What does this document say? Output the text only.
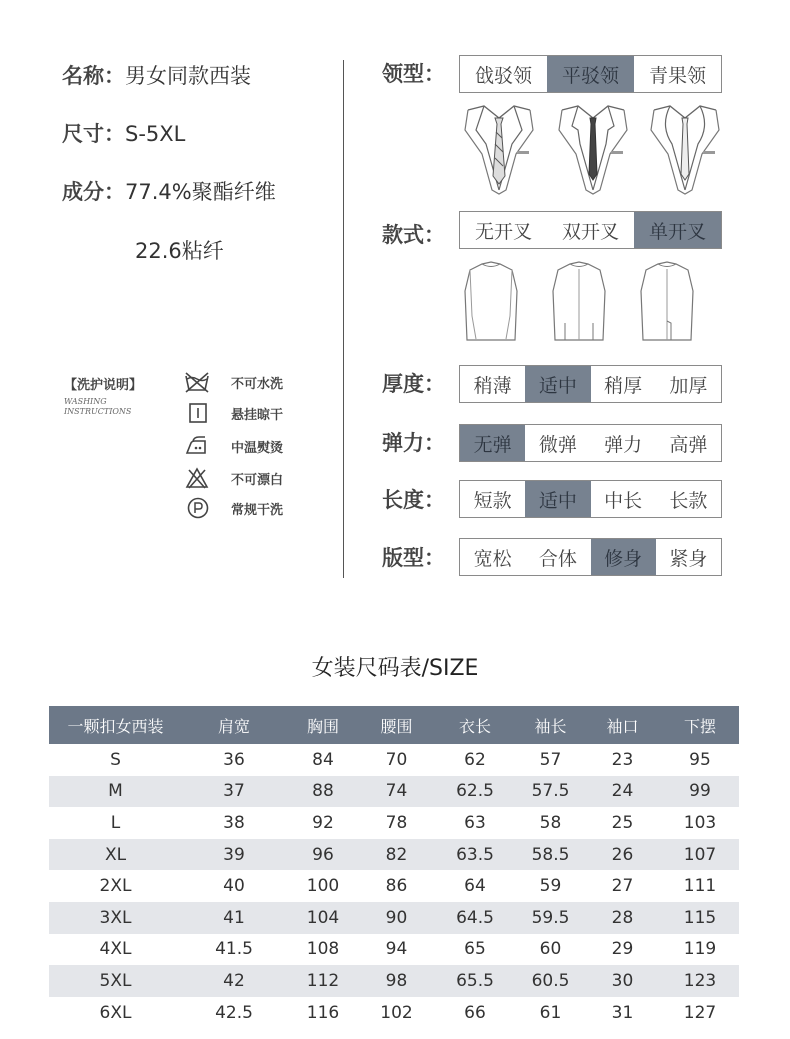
名称：男女同款西装
尺寸：S-5XL
成分：77.4%聚酯纤维
22.6粘纤
【洗护说明】
WASHING
INSTRUCTIONS
不可水洗
悬挂晾干
中温熨烫
不可漂白
常规干洗
领型：	戗驳领	平驳领	青果领
款式：	无开叉	双开叉	单开叉
厚度：	稍薄	适中	稍厚	加厚
弹力：	无弹	微弹	弹力	高弹
长度：	短款	适中	中长	长款
版型：	宽松	合体	修身	紧身
女装尺码表/SIZE
一颗扣女西装	肩宽	胸围	腰围	衣长	袖长	袖口	下摆
S	36	84	70	62	57	23	95
M	37	88	74	62.5	57.5	24	99
L	38	92	78	63	58	25	103
XL	39	96	82	63.5	58.5	26	107
2XL	40	100	86	64	59	27	111
3XL	41	104	90	64.5	59.5	28	115
4XL	41.5	108	94	65	60	29	119
5XL	42	112	98	65.5	60.5	30	123
6XL	42.5	116	102	66	61	31	127
